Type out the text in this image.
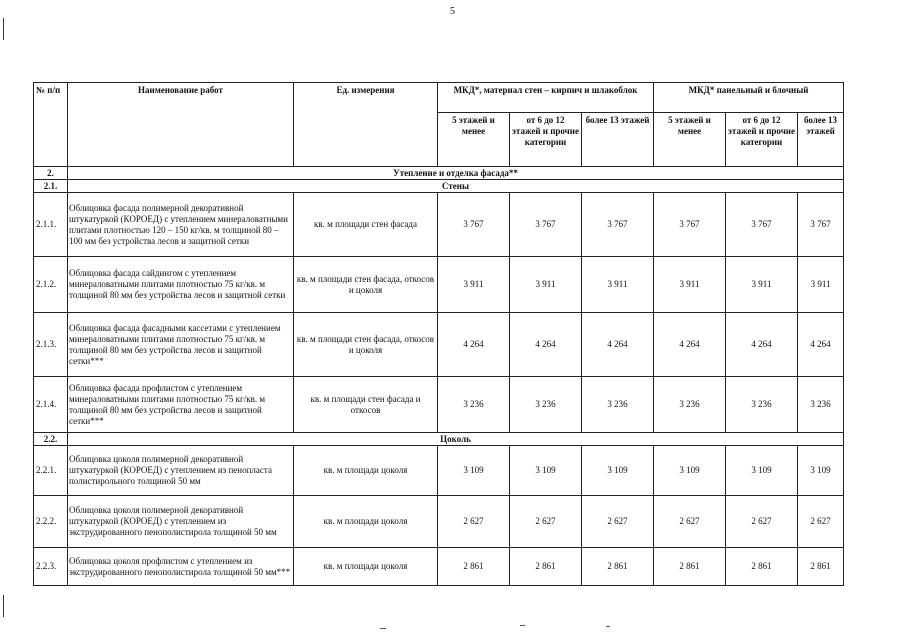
5
№ п/п	Наименование работ	Ед. измерения	МКД*, материал стен – кирпич и шлакоблок			МКД* панельный и блочный		
			5 этажей и менее	от 6 до 12 этажей и прочие категории	более 13 этажей	5 этажей и менее	от 6 до 12 этажей и прочие категории	более 13 этажей
2.	Утепление и отделка фасада**							
2.1.	Стены							
2.1.1.	Облицовка фасада полимерной декоративной штукатуркой (КОРОЕД) с утеплением минераловатными плитами плотностью 120 – 150 кг/кв. м толщиной 80 – 100 мм без устройства лесов и защитной сетки	кв. м площади стен фасада	3 767	3 767	3 767	3 767	3 767	3 767
2.1.2.	Облицовка фасада сайдингом с утеплением минераловатными плитами плотностью 75 кг/кв. м толщиной 80 мм без устройства лесов и защитной сетки	кв. м площади стен фасада, откосов и цоколя	3 911	3 911	3 911	3 911	3 911	3 911
2.1.3.	Облицовка фасада фасадными кассетами с утеплением минераловатными плитами плотностью 75 кг/кв. м толщиной 80 мм без устройства лесов и защитной сетки***	кв. м площади стен фасада, откосов и цоколя	4 264	4 264	4 264	4 264	4 264	4 264
2.1.4.	Облицовка фасада профлистом с утеплением минераловатными плитами плотностью 75 кг/кв. м толщиной 80 мм без устройства лесов и защитной сетки***	кв. м площади стен фасада и откосов	3 236	3 236	3 236	3 236	3 236	3 236
2.2.	Цоколь							
2.2.1.	Облицовка цоколя полимерной декоративной штукатуркой (КОРОЕД) с утеплением из пенопласта полистирольного толщиной 50 мм	кв. м площади цоколя	3 109	3 109	3 109	3 109	3 109	3 109
2.2.2.	Облицовка цоколя полимерной декоративной штукатуркой (КОРОЕД) с утеплением из экструдированного пенополистирола толщиной 50 мм	кв. м площади цоколя	2 627	2 627	2 627	2 627	2 627	2 627
2.2.3.	Облицовка цоколя профлистом с утеплением из экструдированного пенополистирола толщиной 50 мм***	кв. м площади цоколя	2 861	2 861	2 861	2 861	2 861	2 861
